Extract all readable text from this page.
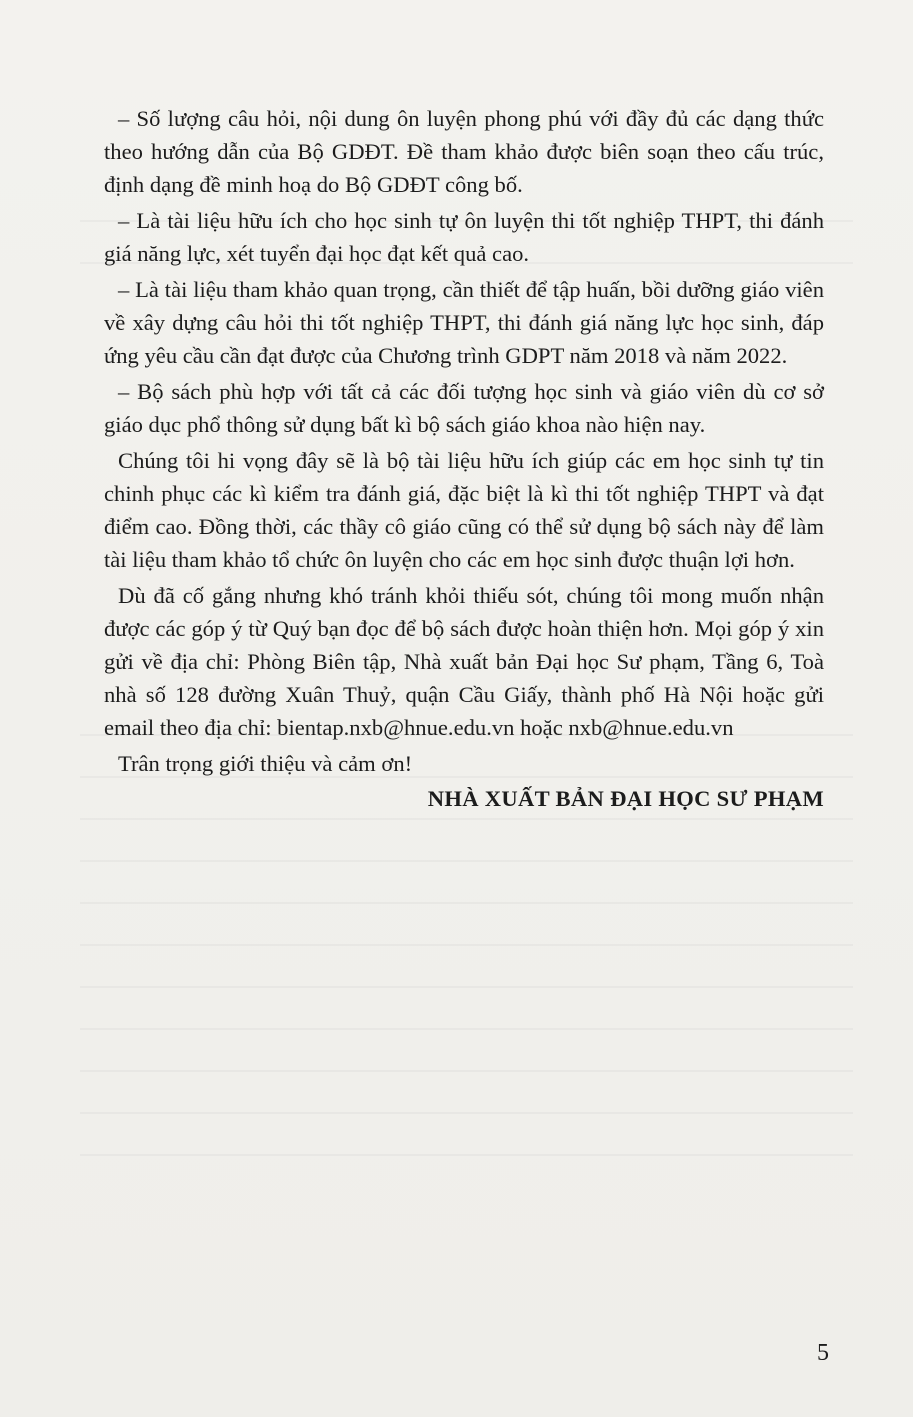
– Số lượng câu hỏi, nội dung ôn luyện phong phú với đầy đủ các dạng thức theo hướng dẫn của Bộ GDĐT. Đề tham khảo được biên soạn theo cấu trúc, định dạng đề minh hoạ do Bộ GDĐT công bố.

– Là tài liệu hữu ích cho học sinh tự ôn luyện thi tốt nghiệp THPT, thi đánh giá năng lực, xét tuyển đại học đạt kết quả cao.

– Là tài liệu tham khảo quan trọng, cần thiết để tập huấn, bồi dưỡng giáo viên về xây dựng câu hỏi thi tốt nghiệp THPT, thi đánh giá năng lực học sinh, đáp ứng yêu cầu cần đạt được của Chương trình GDPT năm 2018 và năm 2022.

– Bộ sách phù hợp với tất cả các đối tượng học sinh và giáo viên dù cơ sở giáo dục phổ thông sử dụng bất kì bộ sách giáo khoa nào hiện nay.

Chúng tôi hi vọng đây sẽ là bộ tài liệu hữu ích giúp các em học sinh tự tin chinh phục các kì kiểm tra đánh giá, đặc biệt là kì thi tốt nghiệp THPT và đạt điểm cao. Đồng thời, các thầy cô giáo cũng có thể sử dụng bộ sách này để làm tài liệu tham khảo tổ chức ôn luyện cho các em học sinh được thuận lợi hơn.

Dù đã cố gắng nhưng khó tránh khỏi thiếu sót, chúng tôi mong muốn nhận được các góp ý từ Quý bạn đọc để bộ sách được hoàn thiện hơn. Mọi góp ý xin gửi về địa chỉ: Phòng Biên tập, Nhà xuất bản Đại học Sư phạm, Tầng 6, Toà nhà số 128 đường Xuân Thuỷ, quận Cầu Giấy, thành phố Hà Nội hoặc gửi email theo địa chỉ: bientap.nxb@hnue.edu.vn hoặc nxb@hnue.edu.vn

Trân trọng giới thiệu và cảm ơn!

NHÀ XUẤT BẢN ĐẠI HỌC SƯ PHẠM
5
